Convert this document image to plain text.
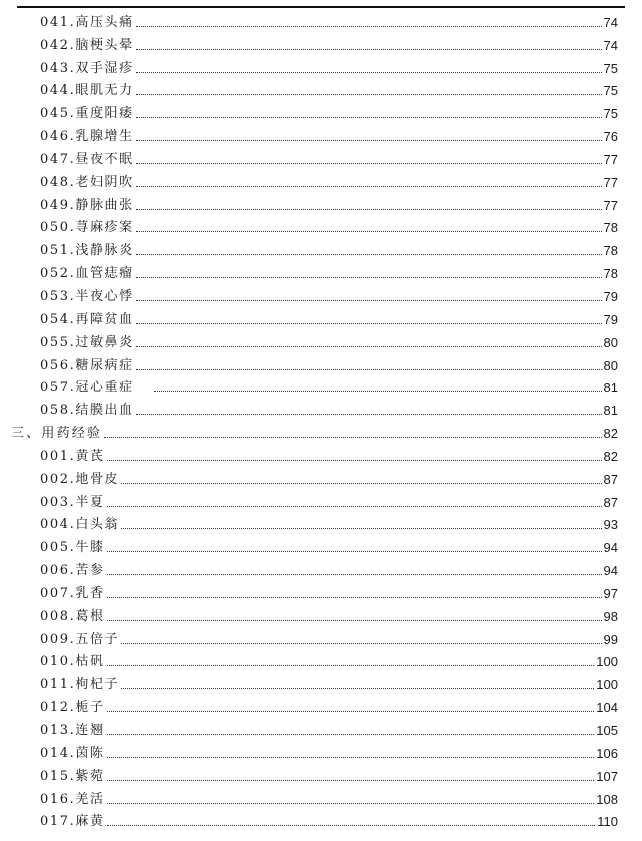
041.高压头痛	74
042.脑梗头晕	74
043.双手湿疹	75
044.眼肌无力	75
045.重度阳痿	75
046.乳腺增生	76
047.昼夜不眠	77
048.老妇阴吹	77
049.静脉曲张	77
050.荨麻疹案	78
051.浅静脉炎	78
052.血管痣瘤	78
053.半夜心悸	79
054.再障贫血	79
055.过敏鼻炎	80
056.糖尿病症	80
057.冠心重症	81
058.结膜出血	81
三、用药经验	82
001.黄芪	82
002.地骨皮	87
003.半夏	87
004.白头翁	93
005.牛膝	94
006.苦参	94
007.乳香	97
008.葛根	98
009.五倍子	99
010.枯矾	100
011.枸杞子	100
012.栀子	104
013.连翘	105
014.茵陈	106
015.紫菀	107
016.羌活	108
017.麻黄	110
